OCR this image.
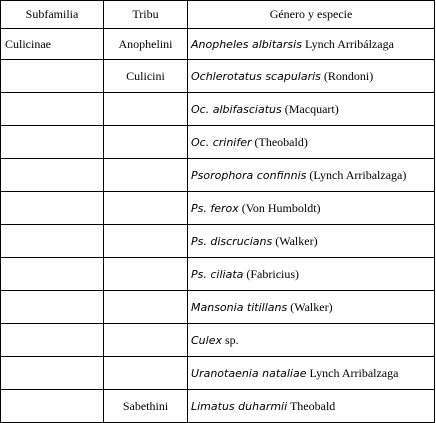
Subfamilia	Tribu	Género y especie
Culicinae	Anophelini	Anopheles albitarsis Lynch Arribálzaga
	Culicini	Ochlerotatus scapularis (Rondoni)
		Oc. albifasciatus (Macquart)
		Oc. crinifer (Theobald)
		Psorophora confinnis (Lynch Arribalzaga)
		Ps. ferox (Von Humboldt)
		Ps. discrucians (Walker)
		Ps. ciliata (Fabricius)
		Mansonia titillans (Walker)
		Culex sp.
		Uranotaenia nataliae Lynch Arribalzaga
	Sabethini	Limatus duharmii Theobald
